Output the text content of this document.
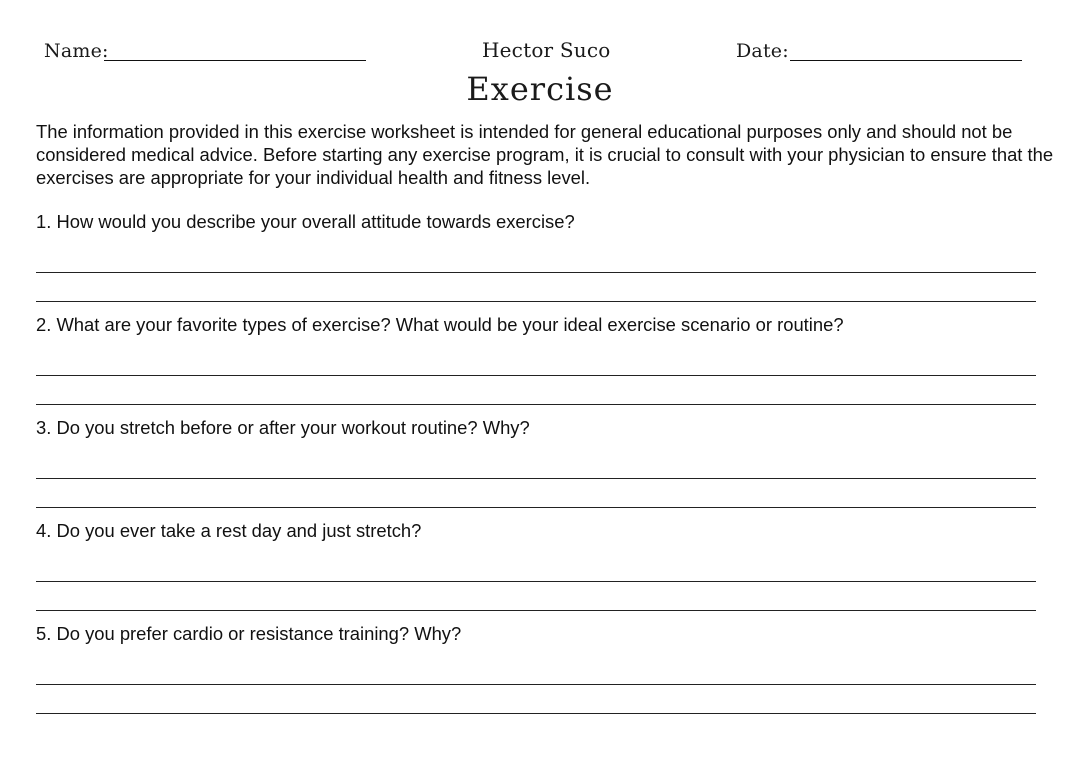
Name:	Hector Suco	Date:
Exercise
The information provided in this exercise worksheet is intended for general educational purposes only and should not be considered medical advice. Before starting any exercise program, it is crucial to consult with your physician to ensure that the exercises are appropriate for your individual health and fitness level.
1. How would you describe your overall attitude towards exercise?
2. What are your favorite types of exercise? What would be your ideal exercise scenario or routine?
3. Do you stretch before or after your workout routine? Why?
4. Do you ever take a rest day and just stretch?
5. Do you prefer cardio or resistance training? Why?
